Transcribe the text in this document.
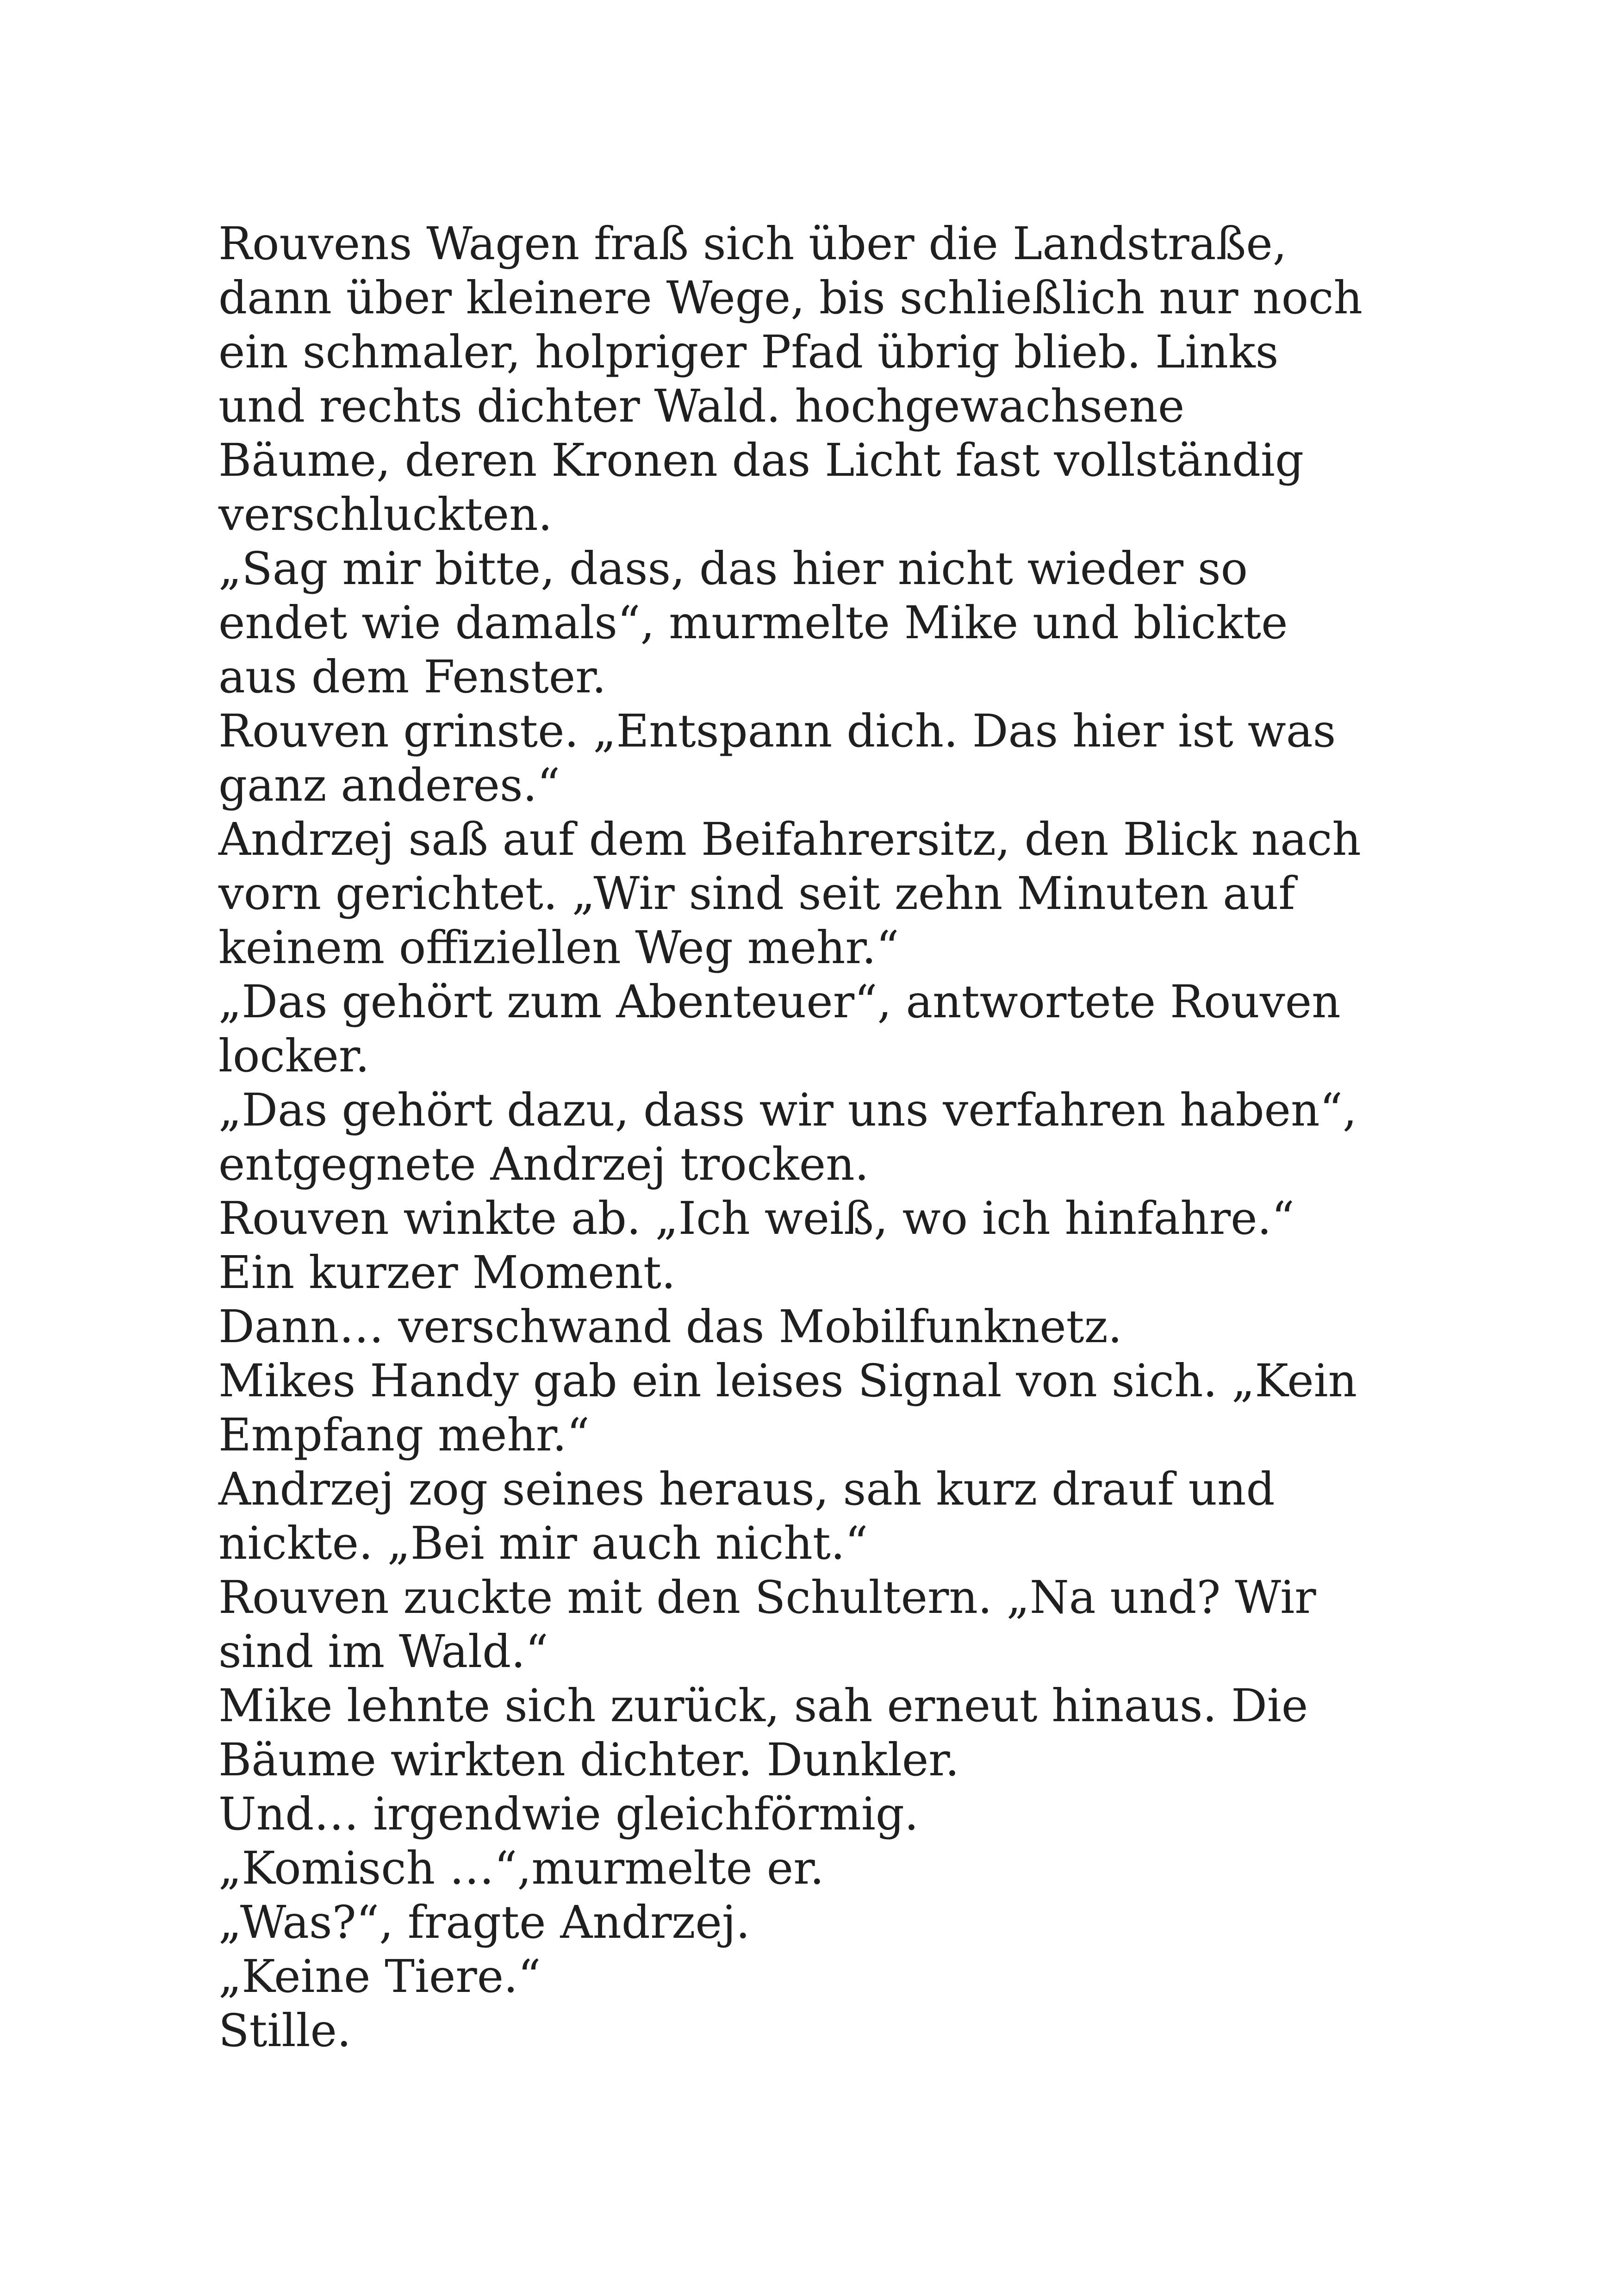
Rouvens Wagen fraß sich über die Landstraße,
dann über kleinere Wege, bis schließlich nur noch
ein schmaler, holpriger Pfad übrig blieb. Links
und rechts dichter Wald. hochgewachsene
Bäume, deren Kronen das Licht fast vollständig
verschluckten.
„Sag mir bitte, dass, das hier nicht wieder so
endet wie damals“, murmelte Mike und blickte
aus dem Fenster.
Rouven grinste. „Entspann dich. Das hier ist was
ganz anderes.“
Andrzej saß auf dem Beifahrersitz, den Blick nach
vorn gerichtet. „Wir sind seit zehn Minuten auf
keinem offiziellen Weg mehr.“
„Das gehört zum Abenteuer“, antwortete Rouven
locker.
„Das gehört dazu, dass wir uns verfahren haben“,
entgegnete Andrzej trocken.
Rouven winkte ab. „Ich weiß, wo ich hinfahre.“
Ein kurzer Moment.
Dann… verschwand das Mobilfunknetz.
Mikes Handy gab ein leises Signal von sich. „Kein
Empfang mehr.“
Andrzej zog seines heraus, sah kurz drauf und
nickte. „Bei mir auch nicht.“
Rouven zuckte mit den Schultern. „Na und? Wir
sind im Wald.“
Mike lehnte sich zurück, sah erneut hinaus. Die
Bäume wirkten dichter. Dunkler.
Und… irgendwie gleichförmig.
„Komisch …“,murmelte er.
„Was?“, fragte Andrzej.
„Keine Tiere.“
Stille.
